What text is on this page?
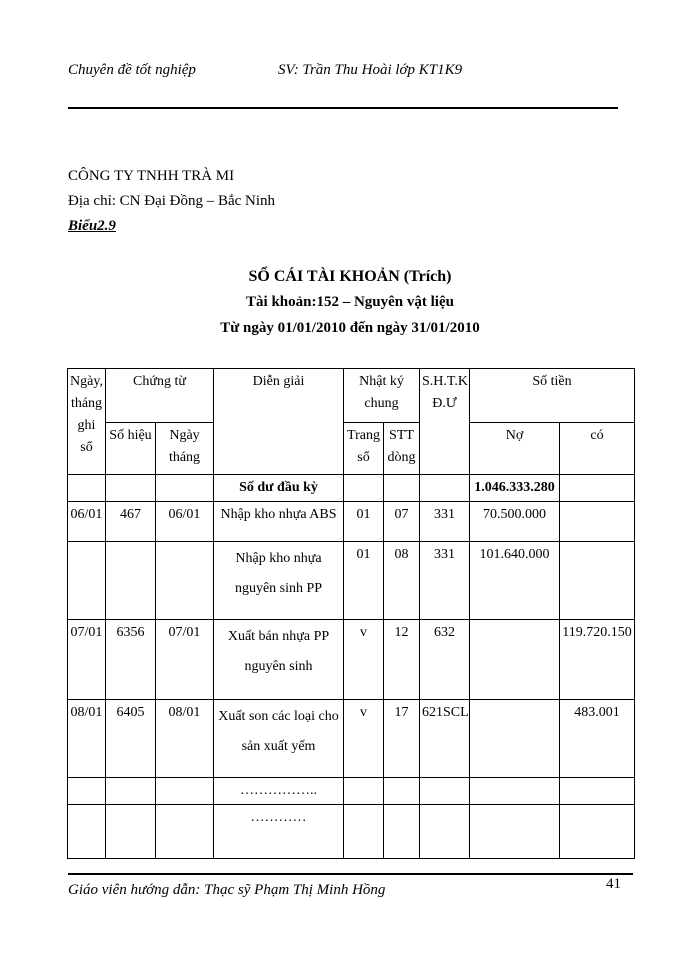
Chuyên đề tốt nghiệp	SV: Trần Thu Hoài lớp KT1K9
CÔNG TY TNHH TRÀ MI
Địa chỉ: CN Đại Đồng – Bắc Ninh
Biểu2.9
SỔ CÁI TÀI KHOẢN (Trích)
Tài khoản:152 – Nguyên vật liệu
Từ ngày 01/01/2010 đến ngày 31/01/2010
Ngày, tháng ghi sổ	Chứng từ		Diễn giải	Nhật ký chung		S.H.T.K Đ.Ư	Số tiền	
	Số hiệu	Ngày tháng		Trang sổ	STT dòng		Nợ	có
			Số dư đầu kỳ				1.046.333.280	
06/01	467	06/01	Nhập kho nhựa ABS	01	07	331	70.500.000	
			Nhập kho nhựa nguyên sinh PP	01	08	331	101.640.000	
07/01	6356	07/01	Xuất bán nhựa PP nguyên sinh	v	12	632		119.720.150
08/01	6405	08/01	Xuất son các loại cho sản xuất yếm	v	17	621SCL		483.001
			……………..					
			…………					
Giáo viên hướng dẫn: Thạc sỹ Phạm Thị Minh Hồng	41
